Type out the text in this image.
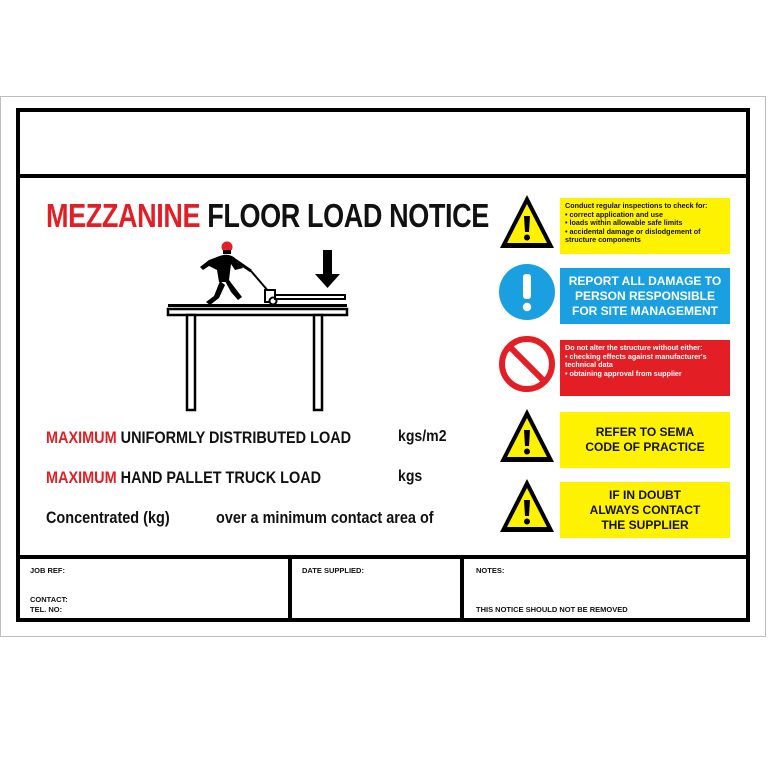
MEZZANINE FLOOR LOAD NOTICE
MAXIMUM UNIFORMLY DISTRIBUTED LOAD	kgs/m2
MAXIMUM HAND PALLET TRUCK LOAD	kgs
Concentrated (kg)	over a minimum contact area of
Conduct regular inspections to check for:
• correct application and use
• loads within allowable safe limits
• accidental damage or dislodgement of structure components
REPORT ALL DAMAGE TO
PERSON RESPONSIBLE
FOR SITE MANAGEMENT
Do not alter the structure without either:
• checking effects against manufacturer's technical data
• obtaining approval from supplier
REFER TO SEMA
CODE OF PRACTICE
IF IN DOUBT
ALWAYS CONTACT
THE SUPPLIER
JOB REF:
CONTACT:
TEL. NO:
DATE SUPPLIED:	NOTES:
THIS NOTICE SHOULD NOT BE REMOVED
